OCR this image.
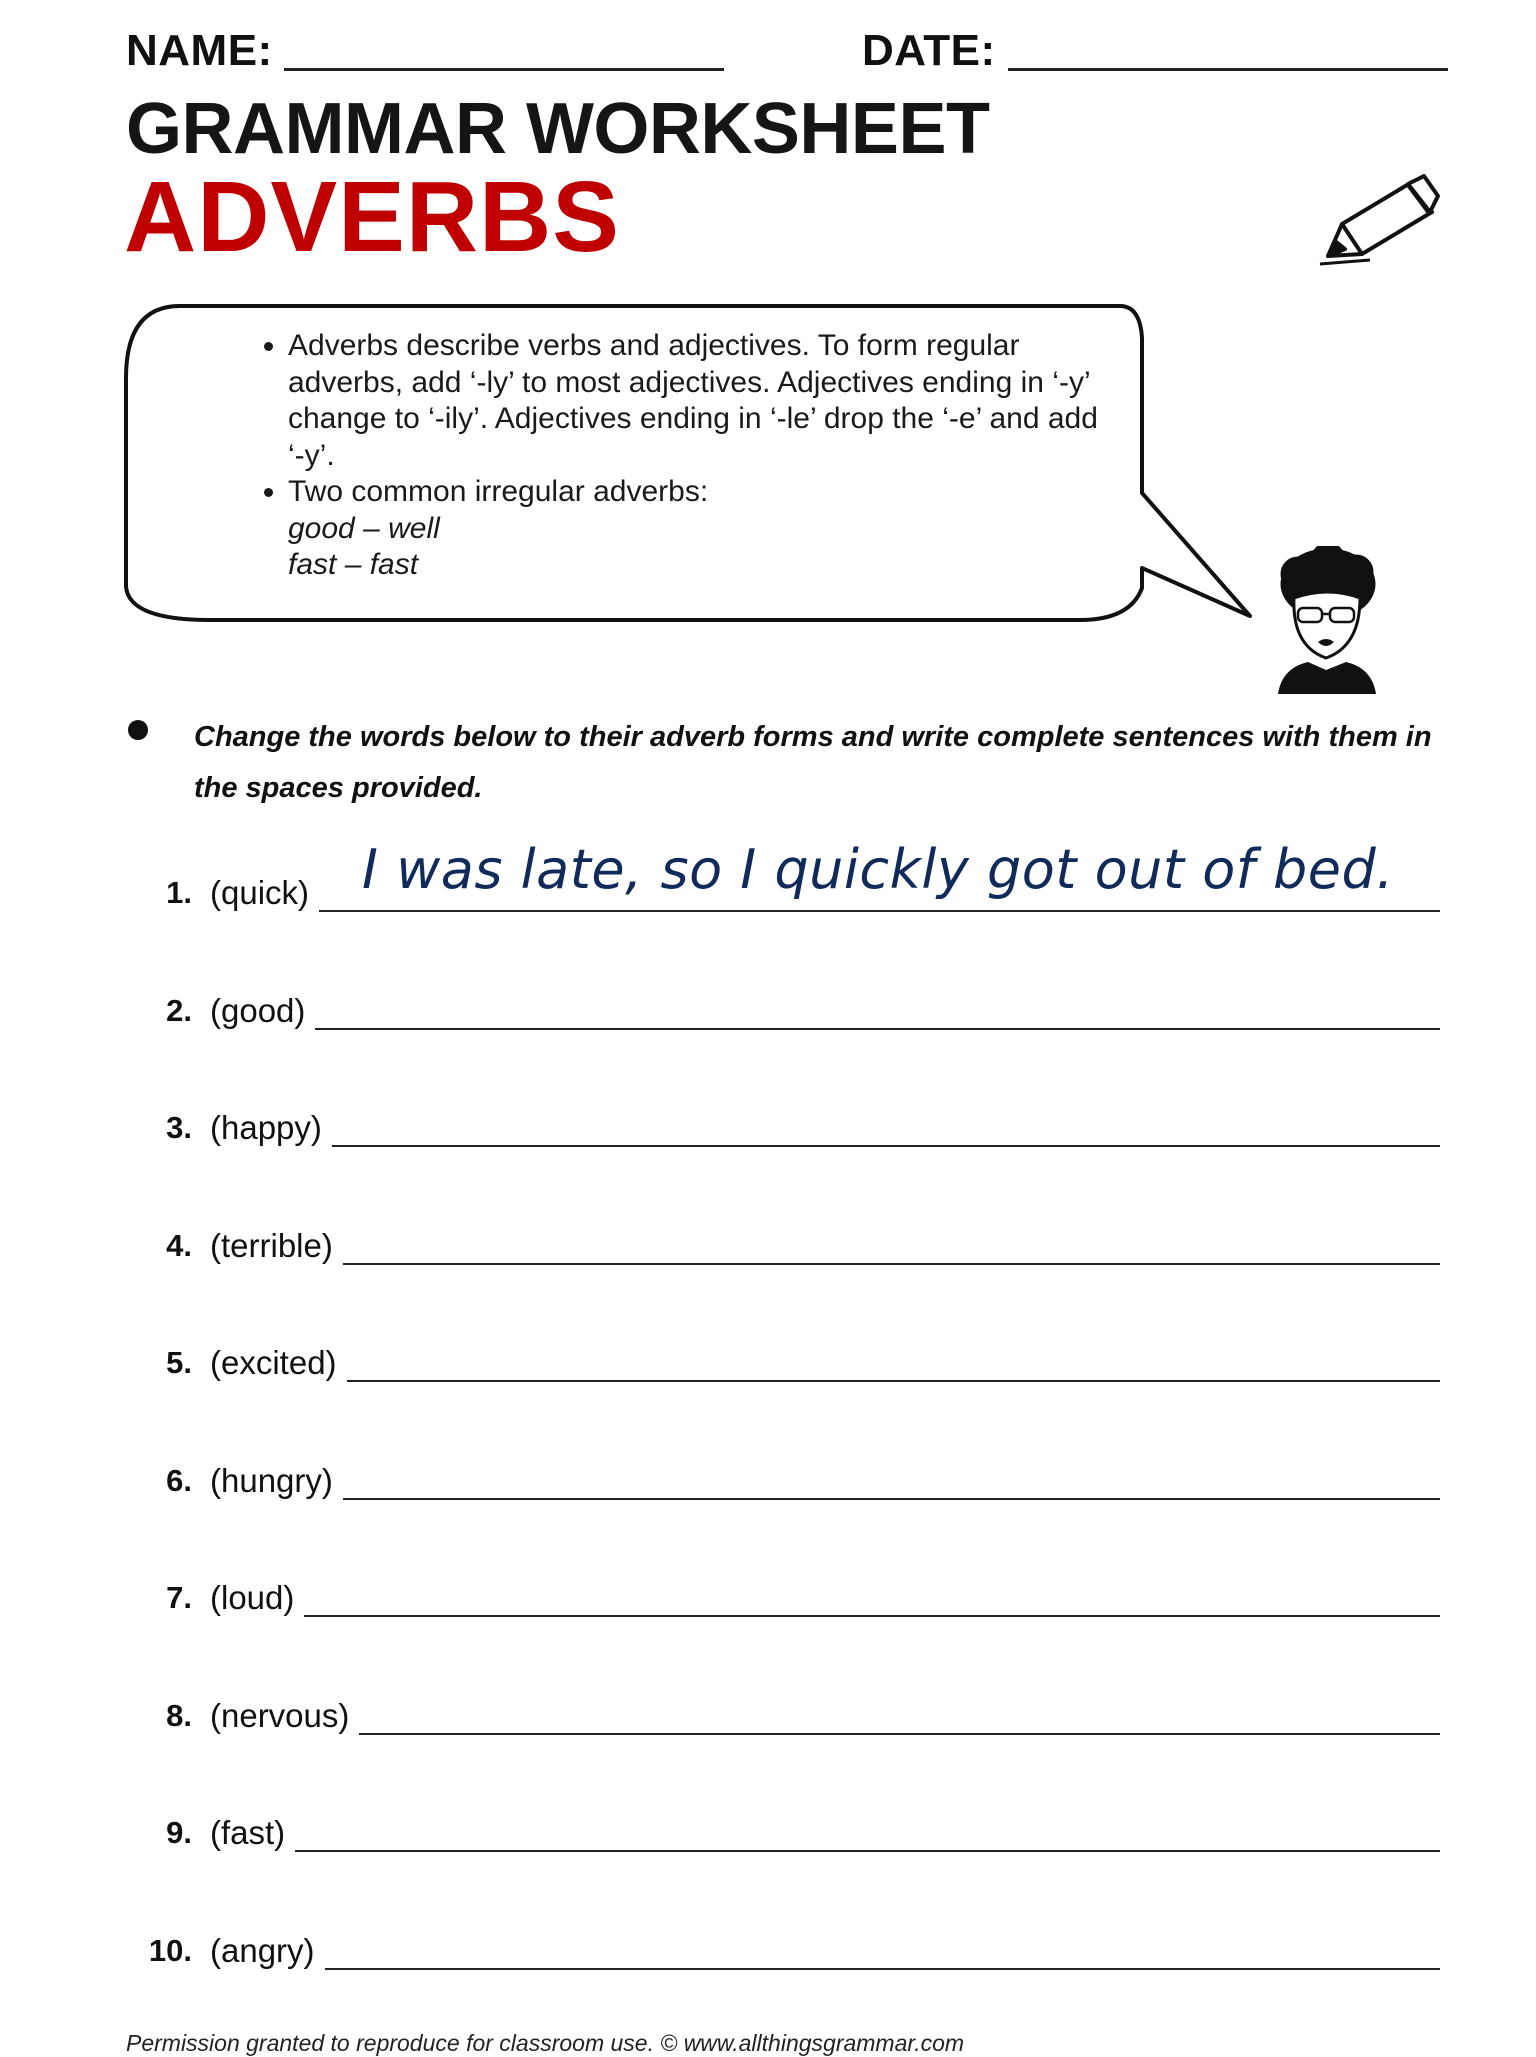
NAME:	DATE:
GRAMMAR WORKSHEET
ADVERBS
• Adverbs describe verbs and adjectives. To form regular adverbs, add ‘-ly’ to most adjectives. Adjectives ending in ‘-y’ change to ‘-ily’. Adjectives ending in ‘-le’ drop the ‘-e’ and add ‘-y’.
• Two common irregular adverbs:
good – well
fast – fast
Change the words below to their adverb forms and write complete sentences with them in the spaces provided.
1. (quick)
2. (good)
3. (happy)
4. (terrible)
5. (excited)
6. (hungry)
7. (loud)
8. (nervous)
9. (fast)
10. (angry)
I was late, so I quickly got out of bed.
Permission granted to reproduce for classroom use. © www.allthingsgrammar.com
